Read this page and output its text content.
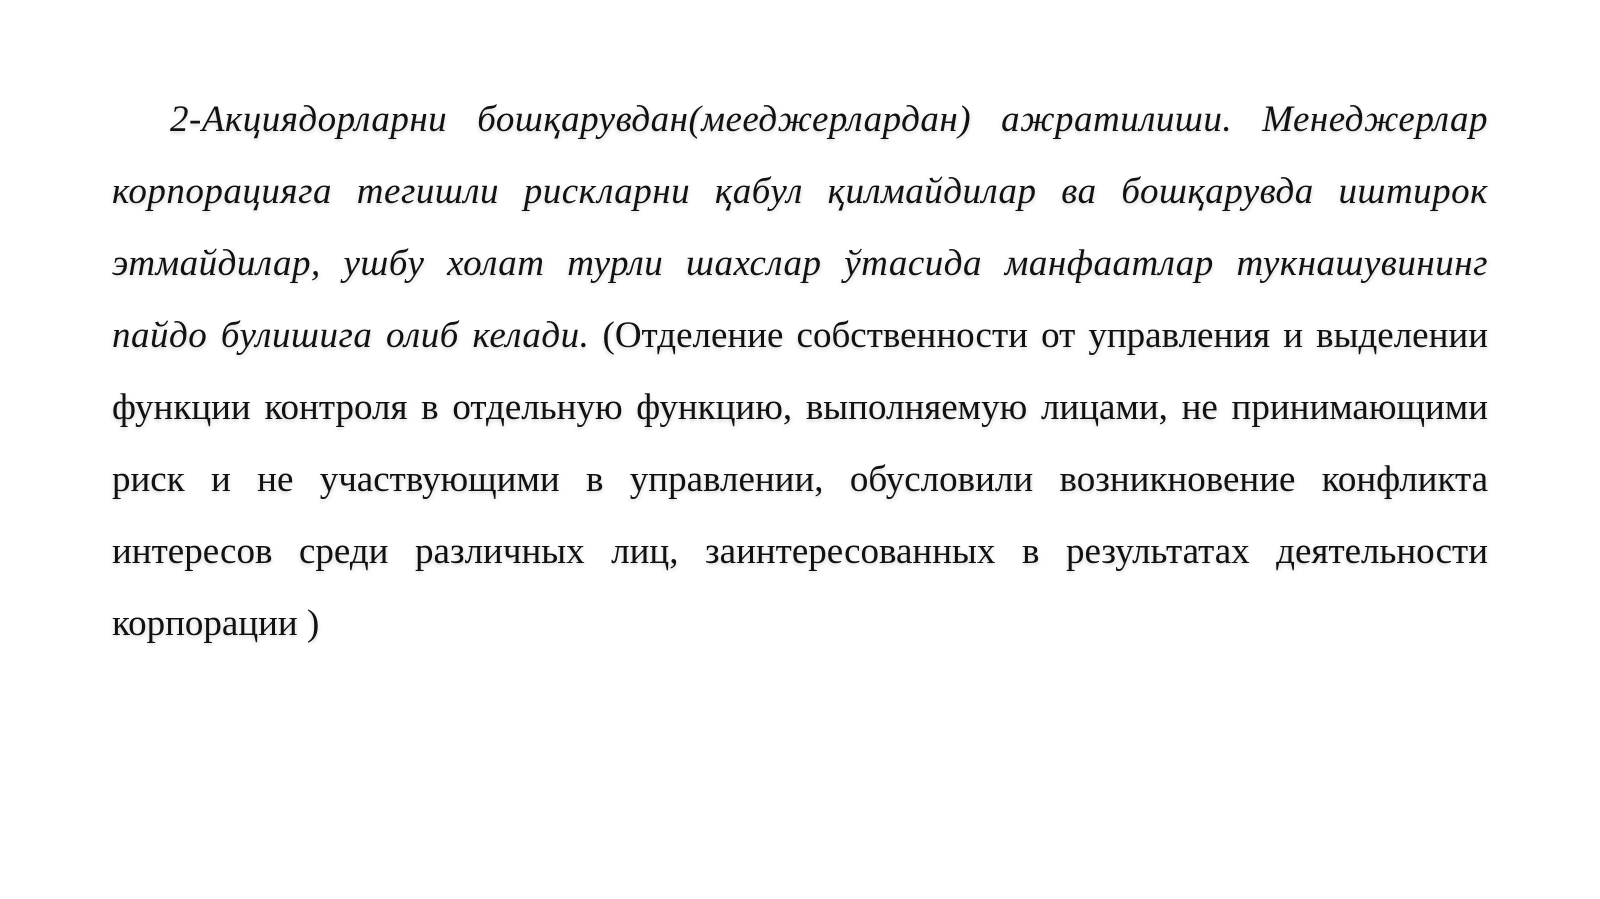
2-Акциядорларни бошқарувдан(мееджерлардан) ажратилиши. Менеджерлар корпорацияга тегишли рискларни қабул қилмайдилар ва бошқарувда иштирок этмайдилар, ушбу холат турли шахслар ўтасида манфаатлар тукнашувининг пайдо булишига олиб келади. (Отделение собственности от управления и выделении функции контроля в отдельную функцию, выполняемую лицами, не принимающими риск и не участвующими в управлении, обусловили возникновение конфликта интересов среди различных лиц, заинтересованных в результатах деятельности корпорации )
